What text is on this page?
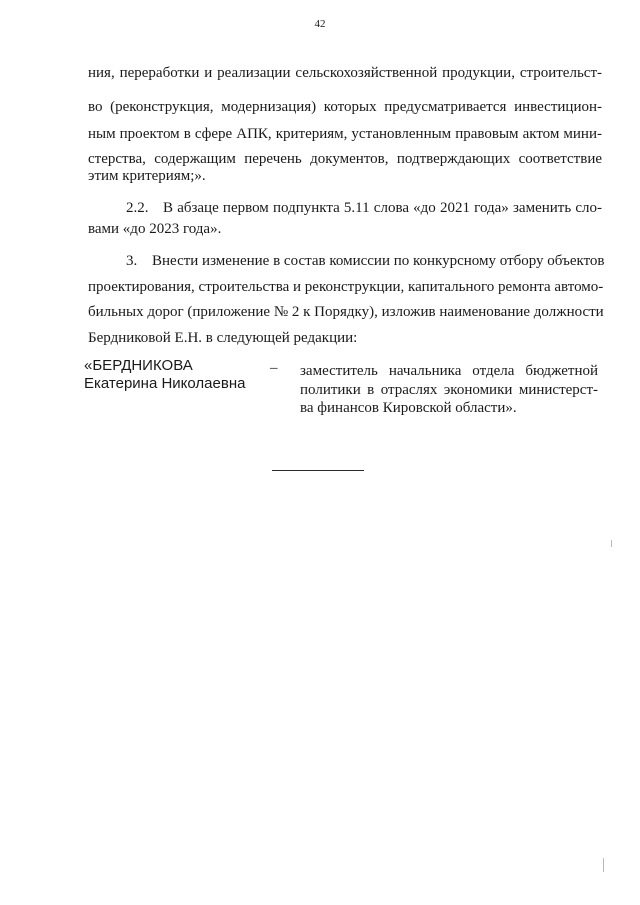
42
ния, переработки и реализации сельскохозяйственной продукции, строительст-
во (реконструкция, модернизация) которых предусматривается инвестицион-
ным проектом в сфере АПК, критериям, установленным правовым актом мини-
стерства, содержащим перечень документов, подтверждающих соответствие
этим критериям;».
2.2. В абзаце первом подпункта 5.11 слова «до 2021 года» заменить сло-
вами «до 2023 года».
3. Внести изменение в состав комиссии по конкурсному отбору объектов
проектирования, строительства и реконструкции, капитального ремонта автомо-
бильных дорог (приложение № 2 к Порядку), изложив наименование должности
Бердниковой Е.Н. в следующей редакции:
«БЕРДНИКОВА
Екатерина Николаевна
– заместитель начальника отдела бюджетной
политики в отраслях экономики министерст-
ва финансов Кировской области».
